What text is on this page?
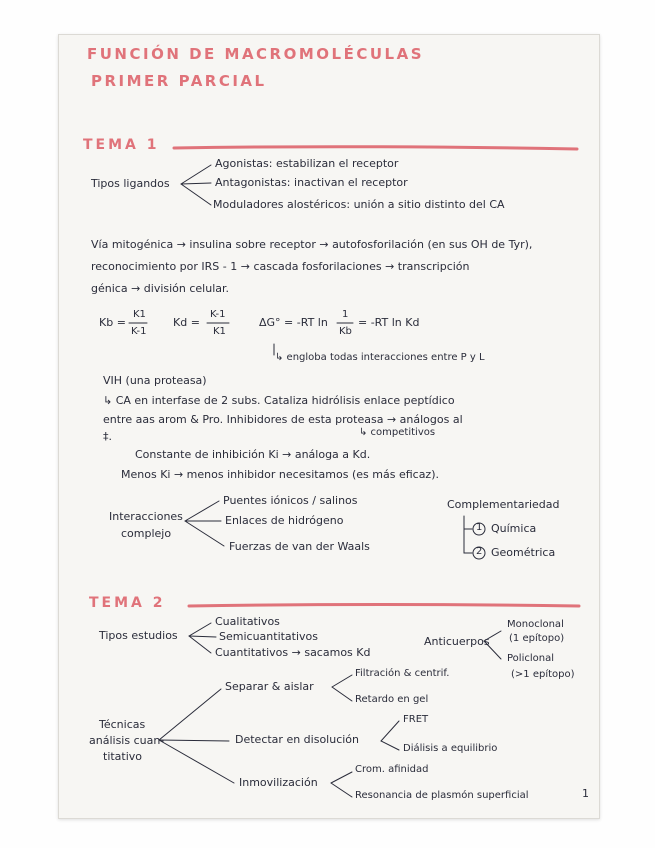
FUNCIÓN DE MACROMOLÉCULAS
PRIMER PARCIAL
TEMA 1
Tipos ligandos
Agonistas: estabilizan el receptor
Antagonistas: inactivan el receptor
Moduladores alostéricos: unión a sitio distinto del CA
Vía mitogénica → insulina sobre receptor → autofosforilación (en sus OH de Tyr),
reconocimiento por IRS - 1 → cascada fosforilaciones → transcripción
génica → división celular.
Kb =
K1
K-1
Kd =
K-1
K1
ΔG° = -RT ln
1
Kb
= -RT ln Kd
↳ engloba todas interacciones entre P y L
VIH (una proteasa)
↳ CA en interfase de 2 subs. Cataliza hidrólisis enlace peptídico
entre aas arom & Pro. Inhibidores de esta proteasa → análogos al
‡.	↳ competitivos
Constante de inhibición Ki → análoga a Kd.
Menos Ki → menos inhibidor necesitamos (es más eficaz).
Interacciones
complejo
Puentes iónicos / salinos
Enlaces de hidrógeno
Fuerzas de van der Waals
Complementariedad
1 Química
2 Geométrica
TEMA 2
Tipos estudios
Cualitativos
Semicuantitativos
Cuantitativos → sacamos Kd
Anticuerpos
Monoclonal
(1 epítopo)
Policlonal
(>1 epítopo)
Técnicas
análisis cuan-
titativo
Separar & aislar
Filtración & centrif.
Retardo en gel
Detectar en disolución
FRET
Diálisis a equilibrio
Inmovilización
Crom. afinidad
Resonancia de plasmón superficial	1
